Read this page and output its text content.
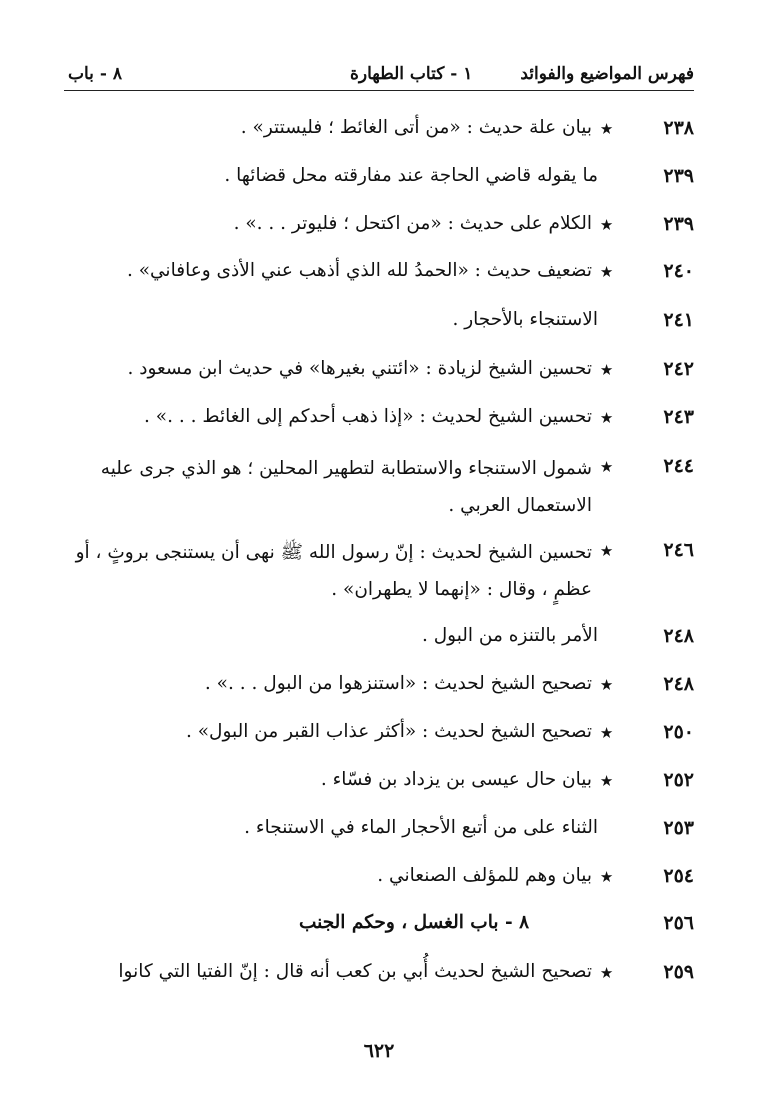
فهرس المواضيع والفوائد
١ - كتاب الطهارة
٨ - باب
٢٣٨
٭
بيان علة حديث : «من أتى الغائط ؛ فليستتر» .
٢٣٩
ما يقوله قاضي الحاجة عند مفارقته محل قضائها .
٢٣٩
٭
الكلام على حديث : «من اكتحل ؛ فليوتر . . .» .
٢٤٠
٭
تضعيف حديث : «الحمدُ لله الذي أذهب عني الأذى وعافاني» .
٢٤١
الاستنجاء بالأحجار .
٢٤٢
٭
تحسين الشيخ لزيادة : «ائتني بغيرها» في حديث ابن مسعود .
٢٤٣
٭
تحسين الشيخ لحديث : «إذا ذهب أحدكم إلى الغائط . . .» .
٢٤٤
٭
شمول الاستنجاء والاستطابة لتطهير المحلين ؛ هو الذي جرى عليه الاستعمال العربي .
٢٤٦
٭
تحسين الشيخ لحديث : إنّ رسول الله ﷺ نهى أن يستنجى بروثٍ ، أو عظمٍ ، وقال : «إنهما لا يطهران» .
٢٤٨
الأمر بالتنزه من البول .
٢٤٨
٭
تصحيح الشيخ لحديث : «استنزهوا من البول . . .» .
٢٥٠
٭
تصحيح الشيخ لحديث : «أكثر عذاب القبر من البول» .
٢٥٢
٭
بيان حال عيسى بن يزداد بن فسّاء .
٢٥٣
الثناء على من أتبع الأحجار الماء في الاستنجاء .
٢٥٤
٭
بيان وهم للمؤلف الصنعاني .
٢٥٦
٨ - باب الغسل ، وحكم الجنب
٢٥٩
٭
تصحيح الشيخ لحديث أُبي بن كعب أنه قال : إنّ الفتيا التي كانوا
٦٢٢
